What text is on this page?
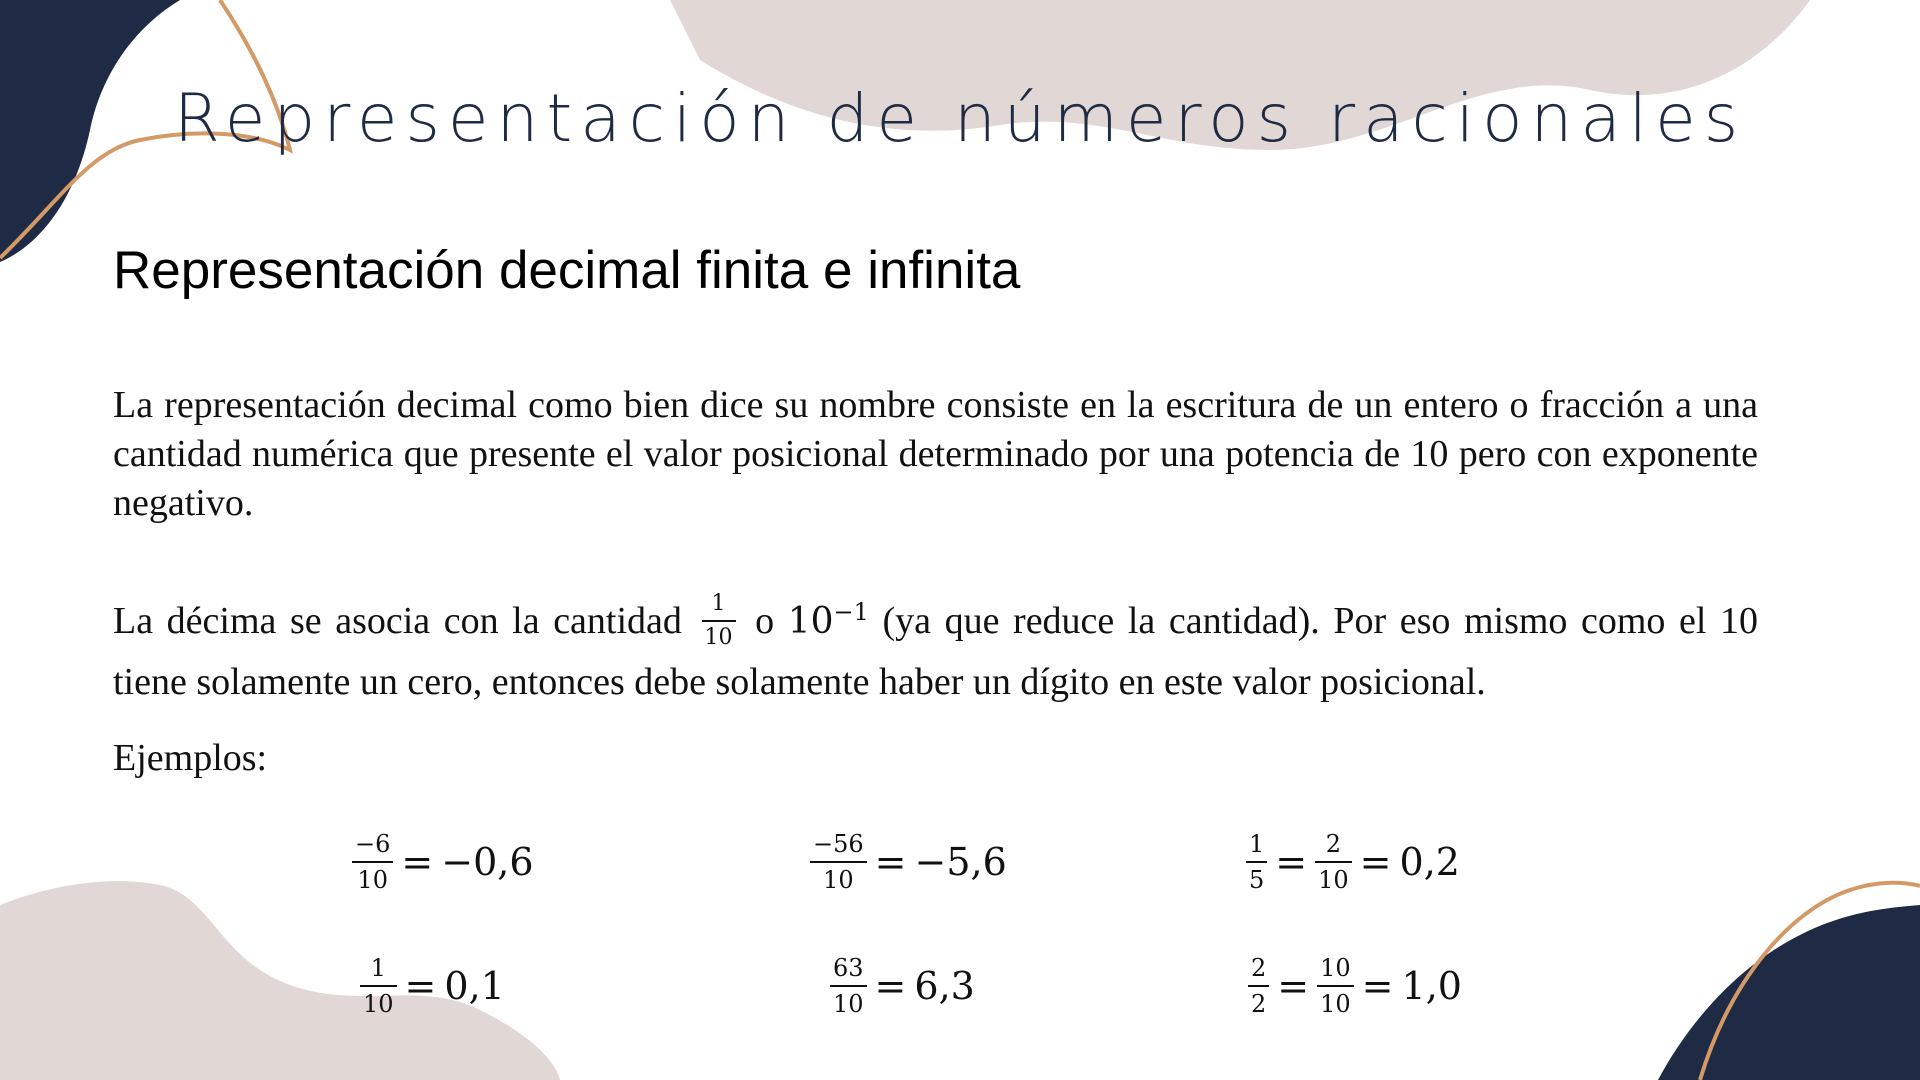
Representación de números racionales
Representación decimal finita e infinita
La representación decimal como bien dice su nombre consiste en la escritura de un entero o fracción a una cantidad numérica que presente el valor posicional determinado por una potencia de 10 pero con exponente negativo.
La décima se asocia con la cantidad $\frac{1}{10}$ o $10^{-1}$ (ya que reduce la cantidad). Por eso mismo como el 10 tiene solamente un cero, entonces debe solamente haber un dígito en este valor posicional.
Ejemplos:
$\frac{-6}{10} = -0,6$	$\frac{-56}{10} = -5,6$	$\frac{1}{5} = \frac{2}{10} = 0,2$
$\frac{1}{10} = 0,1$	$\frac{63}{10} = 6,3$	$\frac{2}{2} = \frac{10}{10} = 1,0$
